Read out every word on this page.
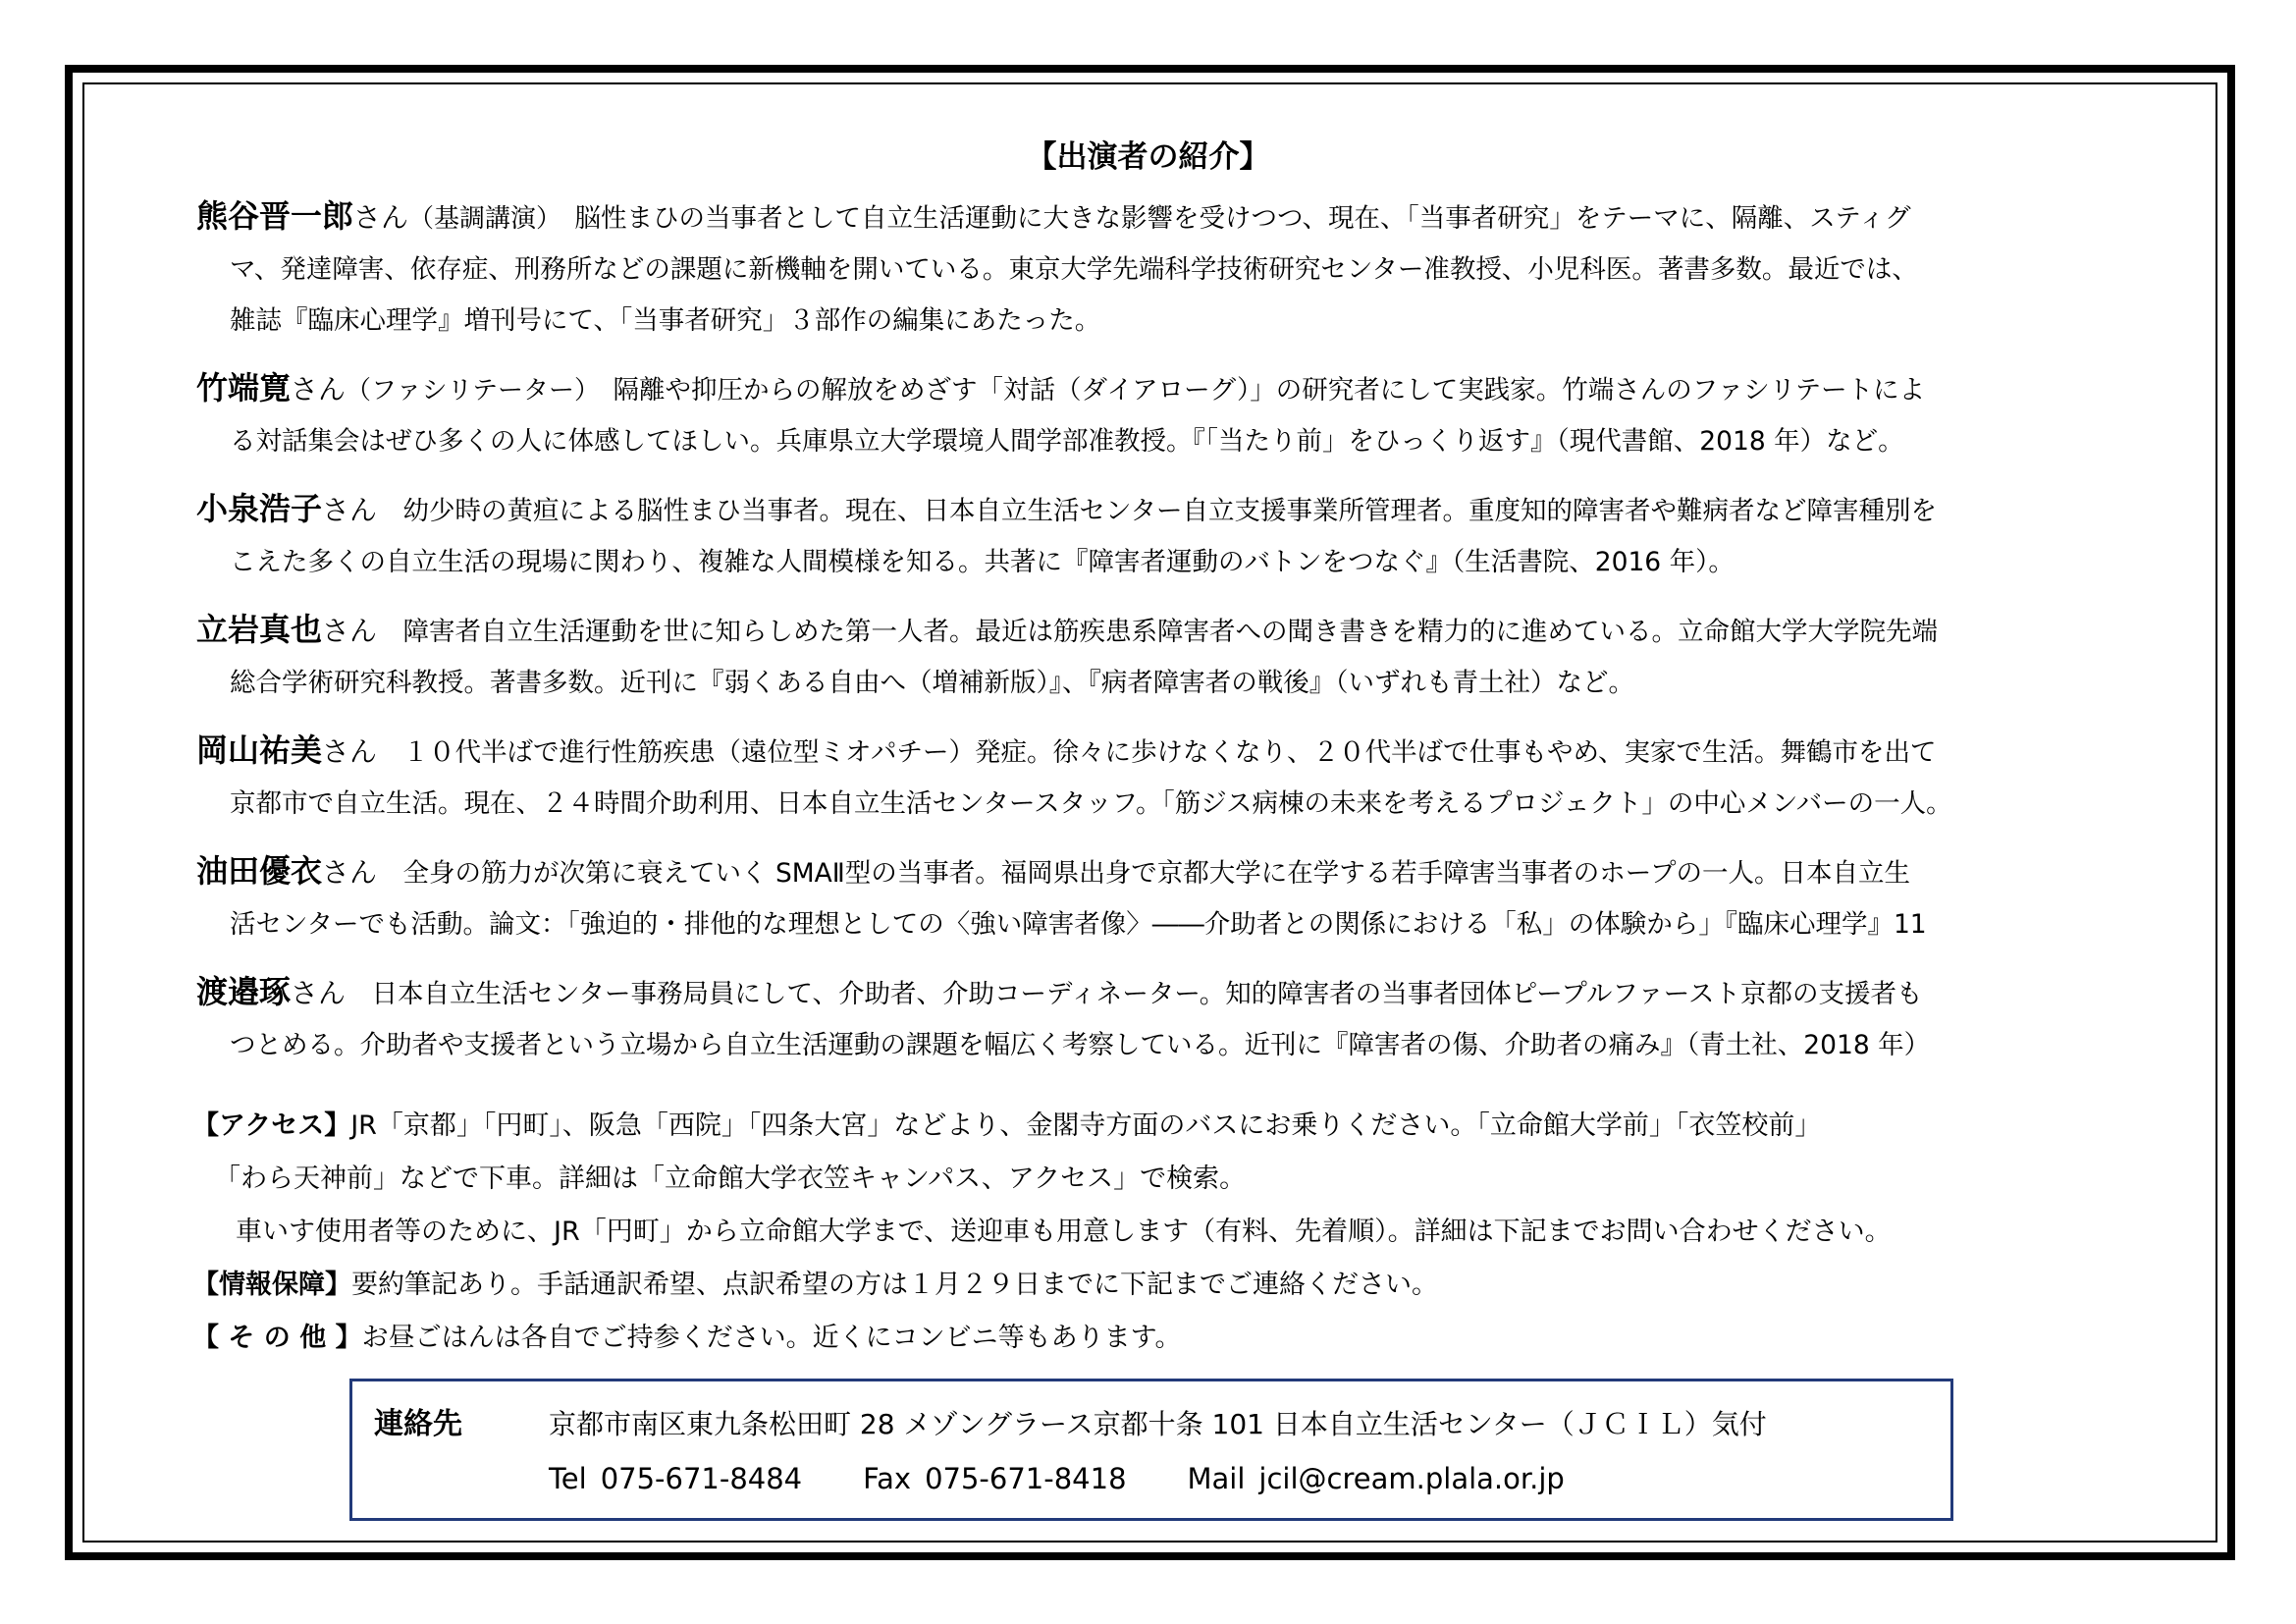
【出演者の紹介】
熊谷晋一郎さん（基調講演）　脳性まひの当事者として自立生活運動に大きな影響を受けつつ、現在、「当事者研究」をテーマに、隔離、スティグ
マ、発達障害、依存症、刑務所などの課題に新機軸を開いている。東京大学先端科学技術研究センター准教授、小児科医。著書多数。最近では、
雑誌『臨床心理学』増刊号にて、「当事者研究」３部作の編集にあたった。
竹端寛さん（ファシリテーター）　隔離や抑圧からの解放をめざす「対話（ダイアローグ）」の研究者にして実践家。竹端さんのファシリテートによ
る対話集会はぜひ多くの人に体感してほしい。兵庫県立大学環境人間学部准教授。『「当たり前」をひっくり返す』（現代書館、2018 年）など。
小泉浩子さん　幼少時の黄疸による脳性まひ当事者。現在、日本自立生活センター自立支援事業所管理者。重度知的障害者や難病者など障害種別を
こえた多くの自立生活の現場に関わり、複雑な人間模様を知る。共著に『障害者運動のバトンをつなぐ』（生活書院、2016 年）。
立岩真也さん　障害者自立生活運動を世に知らしめた第一人者。最近は筋疾患系障害者への聞き書きを精力的に進めている。立命館大学大学院先端
総合学術研究科教授。著書多数。近刊に『弱くある自由へ（増補新版）』、『病者障害者の戦後』（いずれも青土社）など。
岡山祐美さん　１０代半ばで進行性筋疾患（遠位型ミオパチー）発症。徐々に歩けなくなり、２０代半ばで仕事もやめ、実家で生活。舞鶴市を出て
京都市で自立生活。現在、２４時間介助利用、日本自立生活センタースタッフ。「筋ジス病棟の未来を考えるプロジェクト」の中心メンバーの一人。
油田優衣さん　全身の筋力が次第に衰えていく SMAⅡ型の当事者。福岡県出身で京都大学に在学する若手障害当事者のホープの一人。日本自立生
活センターでも活動。論文：「強迫的・排他的な理想としての〈強い障害者像〉――介助者との関係における「私」の体験から」『臨床心理学』11
渡邉琢さん　日本自立生活センター事務局員にして、介助者、介助コーディネーター。知的障害者の当事者団体ピープルファースト京都の支援者も
つとめる。介助者や支援者という立場から自立生活運動の課題を幅広く考察している。近刊に『障害者の傷、介助者の痛み』（青土社、2018 年）
【アクセス】JR「京都」「円町」、阪急「西院」「四条大宮」などより、金閣寺方面のバスにお乗りください。「立命館大学前」「衣笠校前」
「わら天神前」などで下車。詳細は「立命館大学衣笠キャンパス、アクセス」で検索。
車いす使用者等のために、JR「円町」から立命館大学まで、送迎車も用意します（有料、先着順）。詳細は下記までお問い合わせください。
【情報保障】要約筆記あり。手話通訳希望、点訳希望の方は１月２９日までに下記までご連絡ください。
【 そ の 他 】お昼ごはんは各自でご持参ください。近くにコンビニ等もあります。
連絡先	京都市南区東九条松田町 28 メゾングラース京都十条 101 日本自立生活センター（ＪＣＩＬ）気付
Tel 075-671-8484 Fax 075-671-8418 Mail jcil@cream.plala.or.jp
